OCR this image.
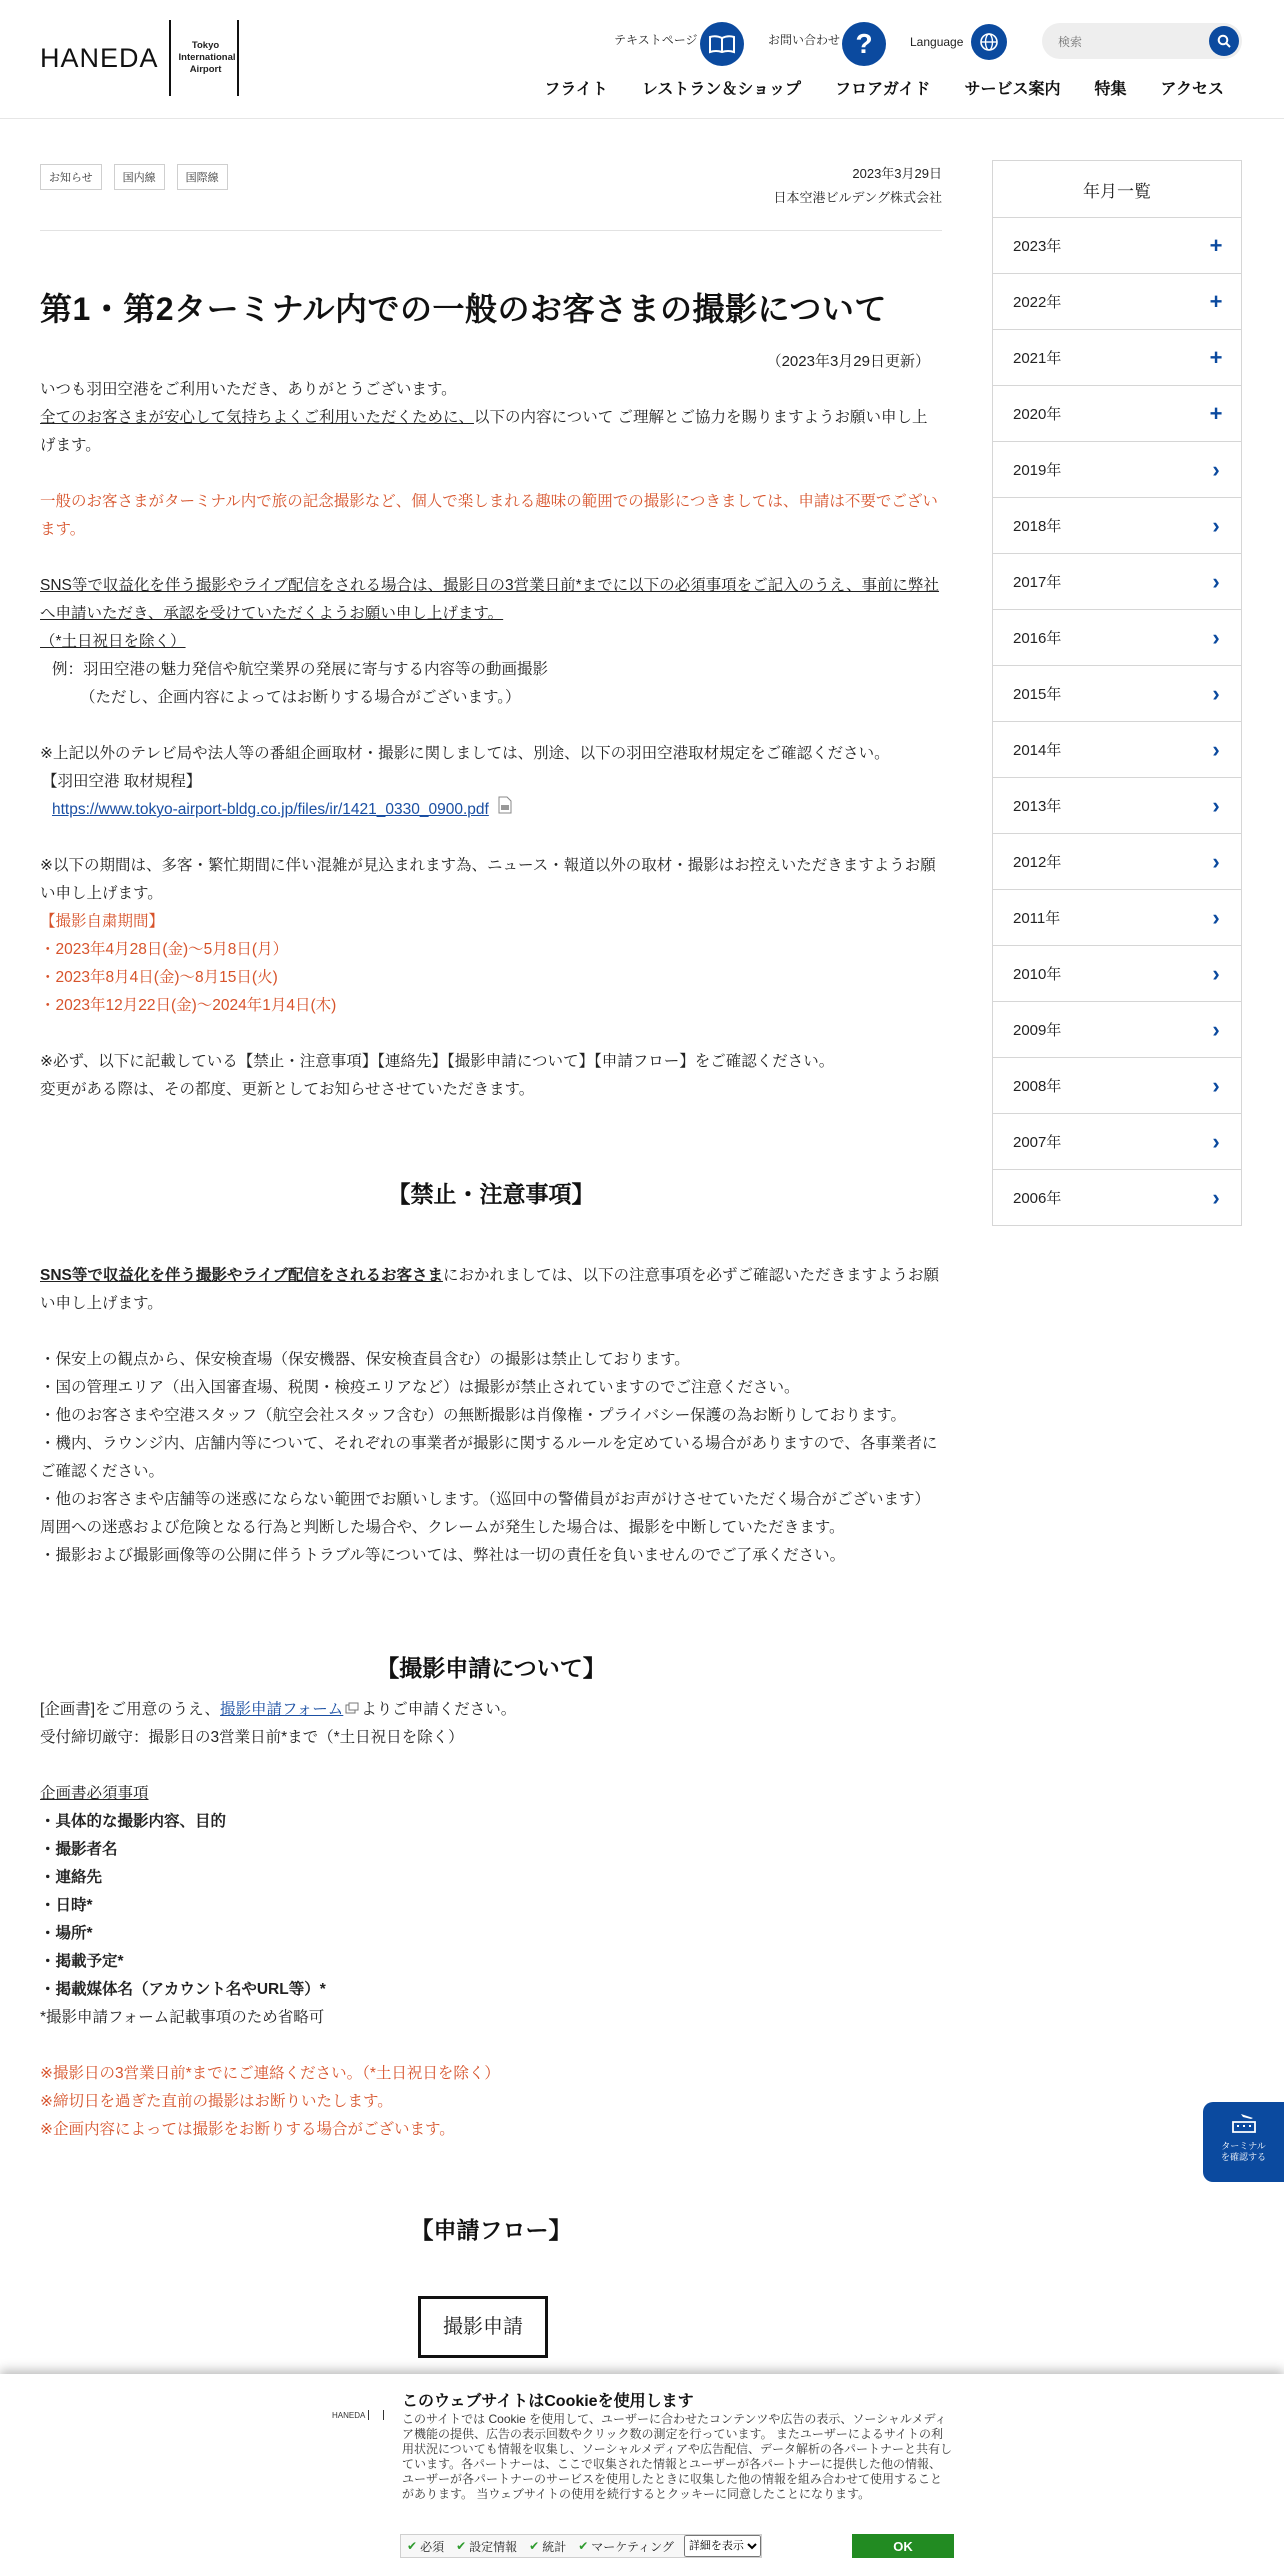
HANEDA	Tokyo
International
Airport
テキストページ	お問い合わせ ?	Language
検索
フライト レストラン＆ショップ フロアガイド サービス案内 特集 アクセス
お知らせ	国内線	国際線	2023年3月29日
日本空港ビルデング株式会社
第1・第2ターミナル内での一般のお客さまの撮影について
（2023年3月29日更新）

いつも羽田空港をご利用いただき、ありがとうございます。

全てのお客さまが安心して気持ちよくご利用いただくために、以下の内容について ご理解とご協力を賜りますようお願い申し上げます。

一般のお客さまがターミナル内で旅の記念撮影など、個人で楽しまれる趣味の範囲での撮影につきましては、申請は不要でございます。

SNS等で収益化を伴う撮影やライブ配信をされる場合は、撮影日の3営業日前*までに以下の必須事項をご記入のうえ、事前に弊社へ申請いただき、承認を受けていただくようお願い申し上げます。

（*土日祝日を除く）

例：羽田空港の魅力発信や航空業界の発展に寄与する内容等の動画撮影

（ただし、企画内容によってはお断りする場合がございます。）

※上記以外のテレビ局や法人等の番組企画取材・撮影に関しましては、別途、以下の羽田空港取材規定をご確認ください。

【羽田空港 取材規程】

https://www.tokyo-airport-bldg.co.jp/files/ir/1421_0330_0900.pdf

※以下の期間は、多客・繁忙期間に伴い混雑が見込まれます為、ニュース・報道以外の取材・撮影はお控えいただきますようお願い申し上げます。

【撮影自粛期間】

・2023年4月28日(金)～5月8日(月）

・2023年8月4日(金)～8月15日(火)

・2023年12月22日(金)～2024年1月4日(木)

※必ず、以下に記載している【禁止・注意事項】【連絡先】【撮影申請について】【申請フロー】をご確認ください。

変更がある際は、その都度、更新としてお知らせさせていただきます。

【禁止・注意事項】

SNS等で収益化を伴う撮影やライブ配信をされるお客さまにおかれましては、以下の注意事項を必ずご確認いただきますようお願い申し上げます。

・保安上の観点から、保安検査場（保安機器、保安検査員含む）の撮影は禁止しております。

・国の管理エリア（出入国審査場、税関・検疫エリアなど）は撮影が禁止されていますのでご注意ください。

・他のお客さまや空港スタッフ（航空会社スタッフ含む）の無断撮影は肖像権・プライバシー保護の為お断りしております。

・機内、ラウンジ内、店舗内等について、それぞれの事業者が撮影に関するルールを定めている場合がありますので、各事業者にご確認ください。

・他のお客さまや店舗等の迷惑にならない範囲でお願いします。（巡回中の警備員がお声がけさせていただく場合がございます）周囲への迷惑および危険となる行為と判断した場合や、クレームが発生した場合は、撮影を中断していただきます。

・撮影および撮影画像等の公開に伴うトラブル等については、弊社は一切の責任を負いませんのでご了承ください。

【撮影申請について】

[企画書]をご用意のうえ、撮影申請フォーム よりご申請ください。

受付締切厳守：撮影日の3営業日前*まで（*土日祝日を除く）

企画書必須事項

・具体的な撮影内容、目的

・撮影者名

・連絡先

・日時*

・場所*

・掲載予定*

・掲載媒体名（アカウント名やURL等）*

*撮影申請フォーム記載事項のため省略可

※撮影日の3営業日前*までにご連絡ください。（*土日祝日を除く）

※締切日を過ぎた直前の撮影はお断りいたします。

※企画内容によっては撮影をお断りする場合がございます。

【申請フロー】

撮影申請
年月一覧
2023年	+
2022年	+
2021年	+
2020年	+
2019年	›
2018年	›
2017年	›
2016年	›
2015年	›
2014年	›
2013年	›
2012年	›
2011年	›
2010年	›
2009年	›
2008年	›
2007年	›
2006年	›
ターミナル
を確認する
HANEDA
このウェブサイトはCookieを使用します
このサイトでは Cookie を使用して、ユーザーに合わせたコンテンツや広告の表示、ソーシャルメディア機能の提供、広告の表示回数やクリック数の測定を行っています。 またユーザーによるサイトの利用状況についても情報を収集し、ソーシャルメディアや広告配信、データ解析の各パートナーと共有しています。各パートナーは、ここで収集された情報とユーザーが各パートナーに提供した他の情報、ユーザーが各パートナーのサービスを使用したときに収集した他の情報を組み合わせて使用することがあります。 当ウェブサイトの使用を続行するとクッキーに同意したことになります。
✔ 必須 ✔ 設定情報 ✔ 統計 ✔ マーケティング
詳細を表示	OK
